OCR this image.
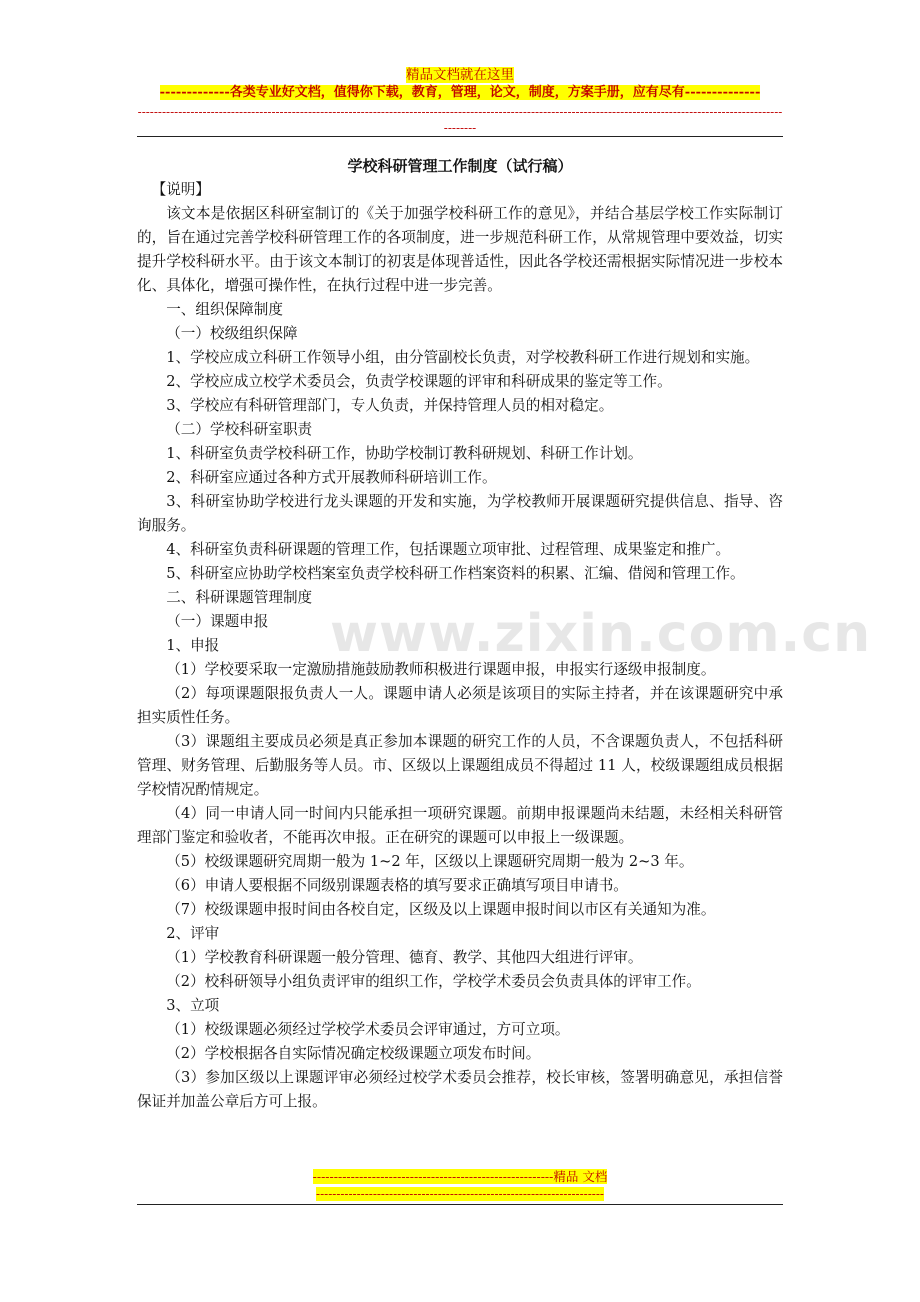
精品文档就在这里
-------------各类专业好文档，值得你下载，教育，管理，论文，制度，方案手册，应有尽有--------------
-----------------------------------------------------------------------------------------------------------------------------------------------------------------------

学校科研管理工作制度（试行稿）

【说明】

该文本是依据区科研室制订的《关于加强学校科研工作的意见》，并结合基层学校工作实际制订的，旨在通过完善学校科研管理工作的各项制度，进一步规范科研工作，从常规管理中要效益，切实提升学校科研水平。由于该文本制订的初衷是体现普适性，因此各学校还需根据实际情况进一步校本化、具体化，增强可操作性，在执行过程中进一步完善。

一、组织保障制度

（一）校级组织保障

1、学校应成立科研工作领导小组，由分管副校长负责，对学校教科研工作进行规划和实施。

2、学校应成立校学术委员会，负责学校课题的评审和科研成果的鉴定等工作。

3、学校应有科研管理部门，专人负责，并保持管理人员的相对稳定。

（二）学校科研室职责

1、科研室负责学校科研工作，协助学校制订教科研规划、科研工作计划。

2、科研室应通过各种方式开展教师科研培训工作。

3、科研室协助学校进行龙头课题的开发和实施，为学校教师开展课题研究提供信息、指导、咨询服务。

4、科研室负责科研课题的管理工作，包括课题立项审批、过程管理、成果鉴定和推广。

5、科研室应协助学校档案室负责学校科研工作档案资料的积累、汇编、借阅和管理工作。

二、科研课题管理制度

（一）课题申报

1、申报

（1）学校要采取一定激励措施鼓励教师积极进行课题申报，申报实行逐级申报制度。

（2）每项课题限报负责人一人。课题申请人必须是该项目的实际主持者，并在该课题研究中承担实质性任务。

（3）课题组主要成员必须是真正参加本课题的研究工作的人员，不含课题负责人，不包括科研管理、财务管理、后勤服务等人员。市、区级以上课题组成员不得超过 11 人，校级课题组成员根据学校情况酌情规定。

（4）同一申请人同一时间内只能承担一项研究课题。前期申报课题尚未结题，未经相关科研管理部门鉴定和验收者，不能再次申报。正在研究的课题可以申报上一级课题。

（5）校级课题研究周期一般为 1~2 年，区级以上课题研究周期一般为 2~3 年。

（6）申请人要根据不同级别课题表格的填写要求正确填写项目申请书。

（7）校级课题申报时间由各校自定，区级及以上课题申报时间以市区有关通知为准。

2、评审

（1）学校教育科研课题一般分管理、德育、教学、其他四大组进行评审。

（2）校科研领导小组负责评审的组织工作，学校学术委员会负责具体的评审工作。

3、立项

（1）校级课题必须经过学校学术委员会评审通过，方可立项。

（2）学校根据各自实际情况确定校级课题立项发布时间。

（3）参加区级以上课题评审必须经过校学术委员会推荐，校长审核，签署明确意见，承担信誉保证并加盖公章后方可上报。

www.zixin.com.cn
---------------------------------------------------------精品 文档
-----------------------------------------------------------------------
